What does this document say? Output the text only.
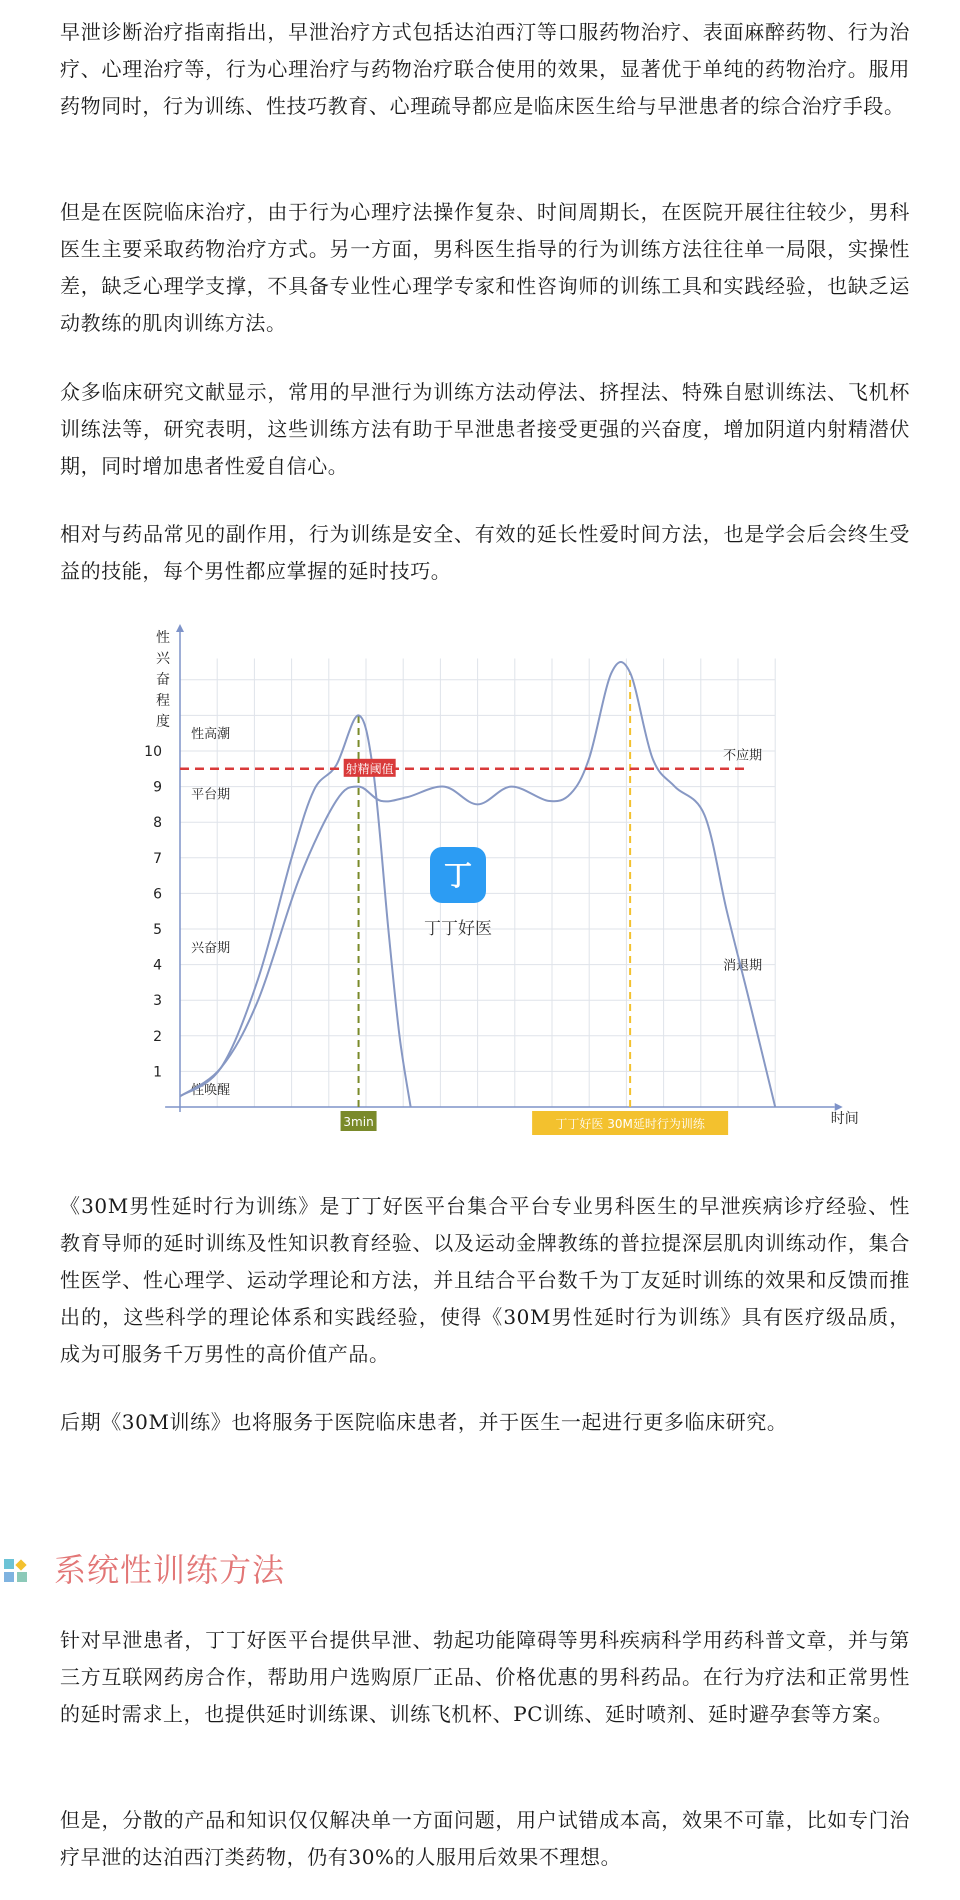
早泄诊断治疗指南指出，早泄治疗方式包括达泊西汀等口服药物治疗、表面麻醉药物、行为治疗、心理治疗等，行为心理治疗与药物治疗联合使用的效果，显著优于单纯的药物治疗。服用药物同时，行为训练、性技巧教育、心理疏导都应是临床医生给与早泄患者的综合治疗手段。

但是在医院临床治疗，由于行为心理疗法操作复杂、时间周期长，在医院开展往往较少，男科医生主要采取药物治疗方式。另一方面，男科医生指导的行为训练方法往往单一局限，实操性差，缺乏心理学支撑，不具备专业性心理学专家和性咨询师的训练工具和实践经验，也缺乏运动教练的肌肉训练方法。

众多临床研究文献显示，常用的早泄行为训练方法动停法、挤捏法、特殊自慰训练法、飞机杯训练法等，研究表明，这些训练方法有助于早泄患者接受更强的兴奋度，增加阴道内射精潜伏期，同时增加患者性爱自信心。

相对与药品常见的副作用，行为训练是安全、有效的延长性爱时间方法，也是学会后会终生受益的技能，每个男性都应掌握的延时技巧。

性
兴
奋
程
度
时间
1
2
3
4
5
6
7
8
9
10
性唤醒
兴奋期
平台期
性高潮
不应期
消退期
3min	丁丁好医 30M延时行为训练
射精阈值
丁
丁丁好医

《30M男性延时行为训练》是丁丁好医平台集合平台专业男科医生的早泄疾病诊疗经验、性教育导师的延时训练及性知识教育经验、以及运动金牌教练的普拉提深层肌肉训练动作，集合性医学、性心理学、运动学理论和方法，并且结合平台数千为丁友延时训练的效果和反馈而推出的，这些科学的理论体系和实践经验，使得《30M男性延时行为训练》具有医疗级品质，成为可服务千万男性的高价值产品。

后期《30M训练》也将服务于医院临床患者，并于医生一起进行更多临床研究。

系统性训练方法

针对早泄患者，丁丁好医平台提供早泄、勃起功能障碍等男科疾病科学用药科普文章，并与第三方互联网药房合作，帮助用户选购原厂正品、价格优惠的男科药品。在行为疗法和正常男性的延时需求上，也提供延时训练课、训练飞机杯、PC训练、延时喷剂、延时避孕套等方案。

但是，分散的产品和知识仅仅解决单一方面问题，用户试错成本高，效果不可靠，比如专门治疗早泄的达泊西汀类药物，仍有30%的人服用后效果不理想。
